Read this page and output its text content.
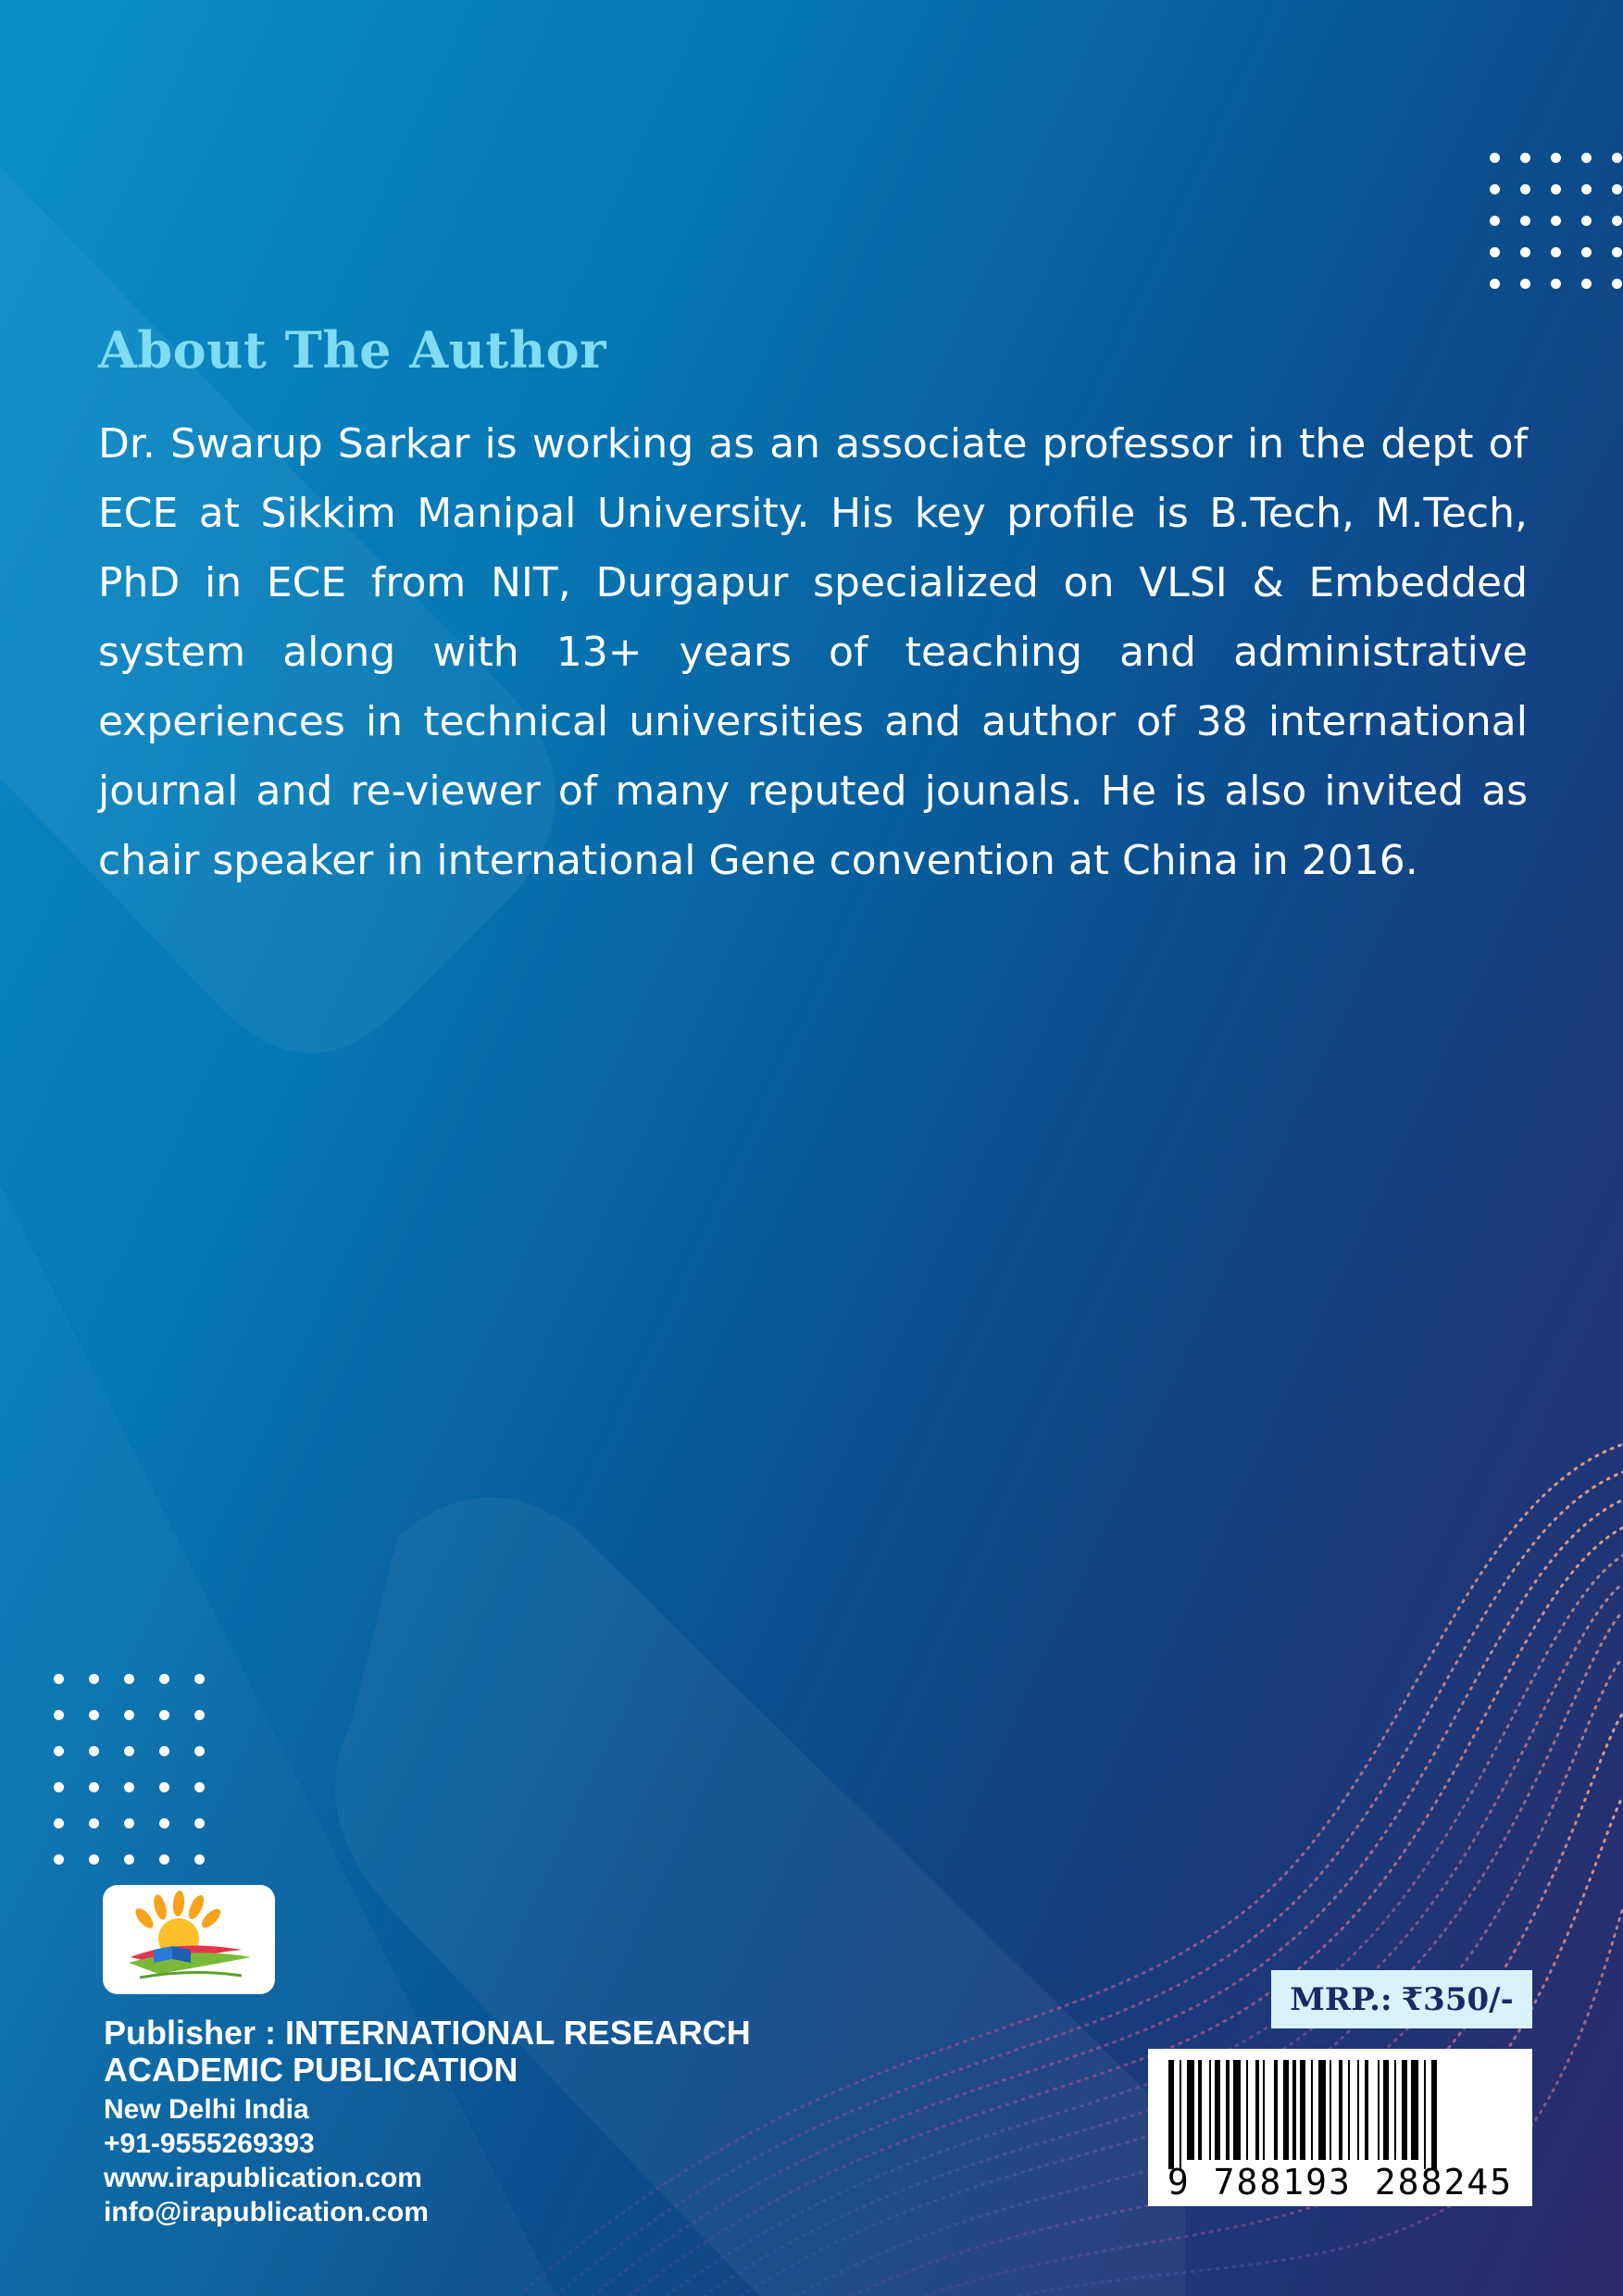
About The Author

Dr. Swarup Sarkar is working as an associate professor in the dept of ECE at Sikkim Manipal University. His key profile is B.Tech, M.Tech, PhD in ECE from NIT, Durgapur specialized on VLSI & Embedded system along with 13+ years of teaching and administrative experiences in technical universities and author of 38 international journal and re-viewer of many reputed jounals. He is also invited as chair speaker in international Gene convention at China in 2016.

Publisher : INTERNATIONAL RESEARCH

ACADEMIC PUBLICATION

New Delhi India

+91-9555269393

www.irapublication.com

info@irapublication.com

MRP.: ₹350/-
9 788193 288245
